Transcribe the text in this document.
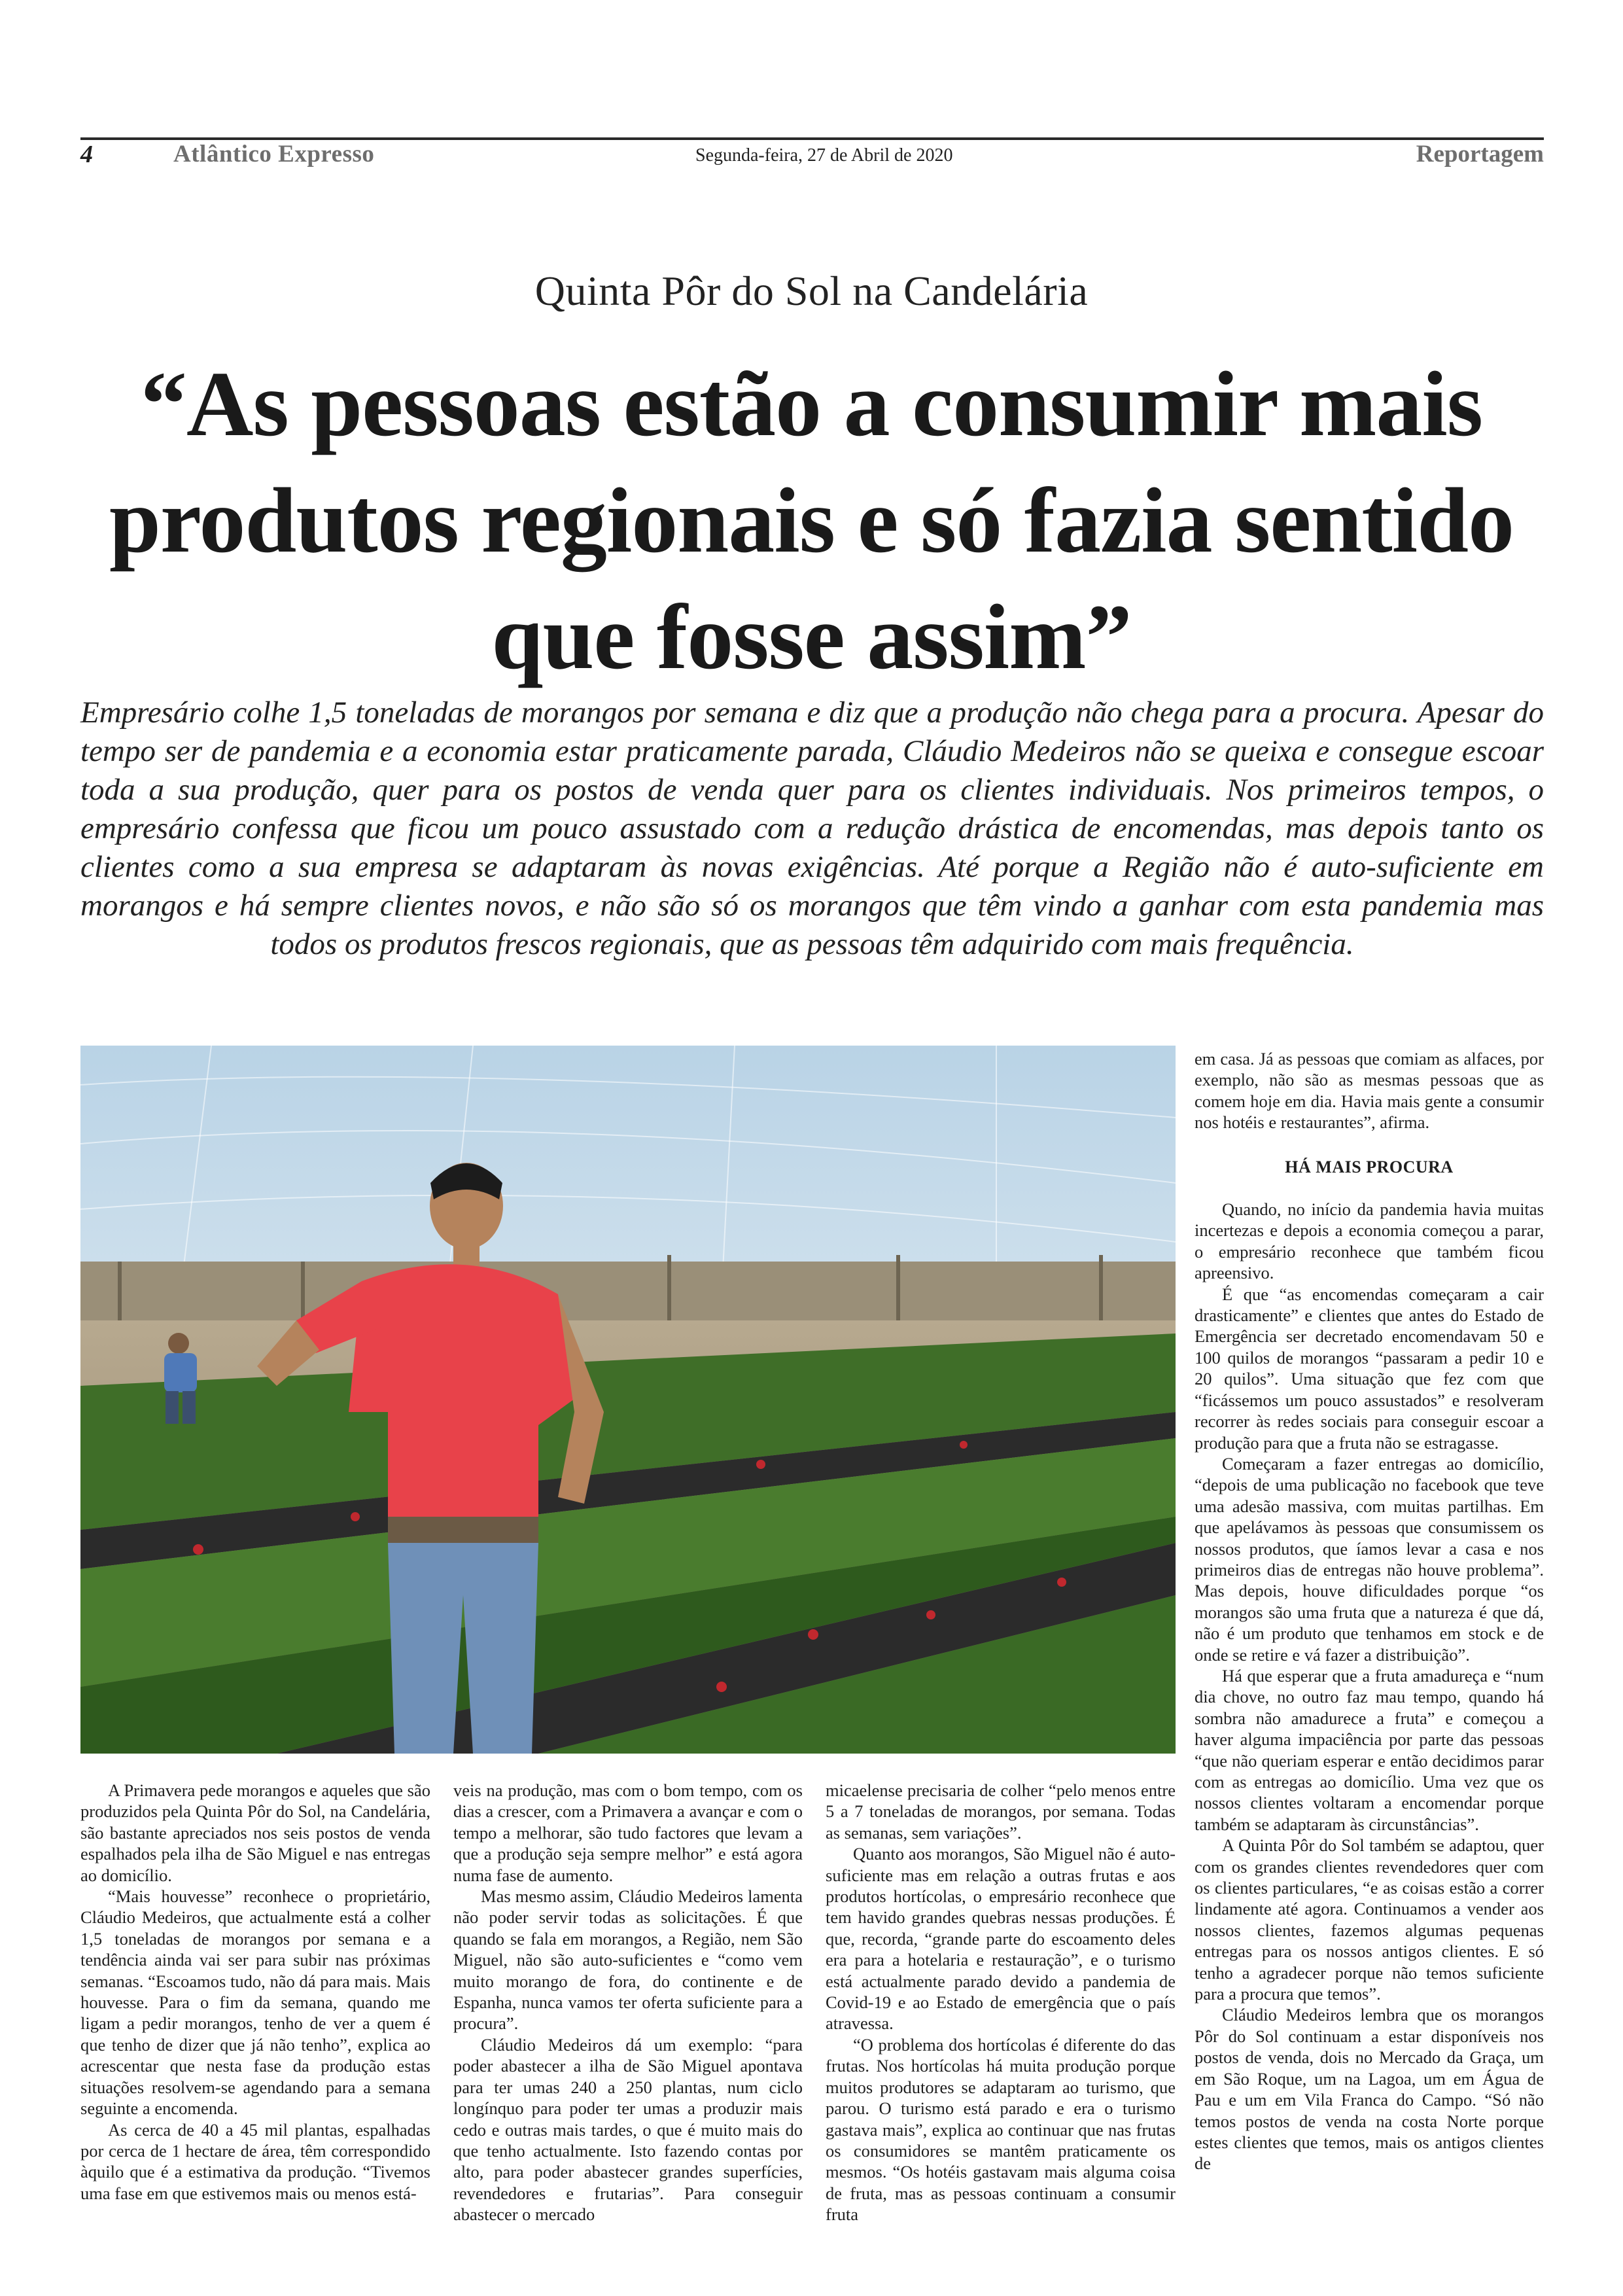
4	Atlântico Expresso	Segunda-feira, 27 de Abril de 2020	Reportagem
Quinta Pôr do Sol na Candelária
“As pessoas estão a consumir mais produtos regionais e só fazia sentido que fosse assim”
Empresário colhe 1,5 toneladas de morangos por semana e diz que a produção não chega para a procura. Apesar do tempo ser de pandemia e a economia estar praticamente parada, Cláudio Medeiros não se queixa e consegue escoar toda a sua produção, quer para os postos de venda quer para os clientes individuais. Nos primeiros tempos, o empresário confessa que ficou um pouco assustado com a redução drástica de encomendas, mas depois tanto os clientes como a sua empresa se adaptaram às novas exigências. Até porque a Região não é auto-suficiente em morangos e há sempre clientes novos, e não são só os morangos que têm vindo a ganhar com esta pandemia mas todos os produtos frescos regionais, que as pessoas têm adquirido com mais frequência.

A Primavera pede morangos e aqueles que são produzidos pela Quinta Pôr do Sol, na Candelária, são bastante apreciados nos seis postos de venda espalhados pela ilha de São Miguel e nas entregas ao domicílio.

“Mais houvesse” reconhece o proprietário, Cláudio Medeiros, que actualmente está a colher 1,5 toneladas de morangos por semana e a tendência ainda vai ser para subir nas próximas semanas. “Escoamos tudo, não dá para mais. Mais houvesse. Para o fim da semana, quando me ligam a pedir morangos, tenho de ver a quem é que tenho de dizer que já não tenho”, explica ao acrescentar que nesta fase da produção estas situações resolvem-se agendando para a semana seguinte a encomenda.

As cerca de 40 a 45 mil plantas, espalhadas por cerca de 1 hectare de área, têm correspondido àquilo que é a estimativa da produção. “Tivemos uma fase em que estivemos mais ou menos está-

veis na produção, mas com o bom tempo, com os dias a crescer, com a Primavera a avançar e com o tempo a melhorar, são tudo factores que levam a que a produção seja sempre melhor” e está agora numa fase de aumento.

Mas mesmo assim, Cláudio Medeiros lamenta não poder servir todas as solicitações. É que quando se fala em morangos, a Região, nem São Miguel, não são auto-suficientes e “como vem muito morango de fora, do continente e de Espanha, nunca vamos ter oferta suficiente para a procura”.

Cláudio Medeiros dá um exemplo: “para poder abastecer a ilha de São Miguel apontava para ter umas 240 a 250 plantas, num ciclo longínquo para poder ter umas a produzir mais cedo e outras mais tardes, o que é muito mais do que tenho actualmente. Isto fazendo contas por alto, para poder abastecer grandes superfícies, revendedores e frutarias”. Para conseguir abastecer o mercado

micaelense precisaria de colher “pelo menos entre 5 a 7 toneladas de morangos, por semana. Todas as semanas, sem variações”.

Quanto aos morangos, São Miguel não é auto-suficiente mas em relação a outras frutas e aos produtos hortícolas, o empresário reconhece que tem havido grandes quebras nessas produções. É que, recorda, “grande parte do escoamento deles era para a hotelaria e restauração”, e o turismo está actualmente parado devido a pandemia de Covid-19 e ao Estado de emergência que o país atravessa.

“O problema dos hortícolas é diferente do das frutas. Nos hortícolas há muita produção porque muitos produtores se adaptaram ao turismo, que parou. O turismo está parado e era o turismo gastava mais”, explica ao continuar que nas frutas os consumidores se mantêm praticamente os mesmos. “Os hotéis gastavam mais alguma coisa de fruta, mas as pessoas continuam a consumir fruta

em casa. Já as pessoas que comiam as alfaces, por exemplo, não são as mesmas pessoas que as comem hoje em dia. Havia mais gente a consumir nos hotéis e restaurantes”, afirma.

HÁ MAIS PROCURA

Quando, no início da pandemia havia muitas incertezas e depois a economia começou a parar, o empresário reconhece que também ficou apreensivo.

É que “as encomendas começaram a cair drasticamente” e clientes que antes do Estado de Emergência ser decretado encomendavam 50 e 100 quilos de morangos “passaram a pedir 10 e 20 quilos”. Uma situação que fez com que “ficássemos um pouco assustados” e resolveram recorrer às redes sociais para conseguir escoar a produção para que a fruta não se estragasse.

Começaram a fazer entregas ao domicílio, “depois de uma publicação no facebook que teve uma adesão massiva, com muitas partilhas. Em que apelávamos às pessoas que consumissem os nossos produtos, que íamos levar a casa e nos primeiros dias de entregas não houve problema”. Mas depois, houve dificuldades porque “os morangos são uma fruta que a natureza é que dá, não é um produto que tenhamos em stock e de onde se retire e vá fazer a distribuição”.

Há que esperar que a fruta amadureça e “num dia chove, no outro faz mau tempo, quando há sombra não amadurece a fruta” e começou a haver alguma impaciência por parte das pessoas “que não queriam esperar e então decidimos parar com as entregas ao domicílio. Uma vez que os nossos clientes voltaram a encomendar porque também se adaptaram às circunstâncias”.

A Quinta Pôr do Sol também se adaptou, quer com os grandes clientes revendedores quer com os clientes particulares, “e as coisas estão a correr lindamente até agora. Continuamos a vender aos nossos clientes, fazemos algumas pequenas entregas para os nossos antigos clientes. E só tenho a agradecer porque não temos suficiente para a procura que temos”.

Cláudio Medeiros lembra que os morangos Pôr do Sol continuam a estar disponíveis nos postos de venda, dois no Mercado da Graça, um em São Roque, um na Lagoa, um em Água de Pau e um em Vila Franca do Campo. “Só não temos postos de venda na costa Norte porque estes clientes que temos, mais os antigos clientes de
